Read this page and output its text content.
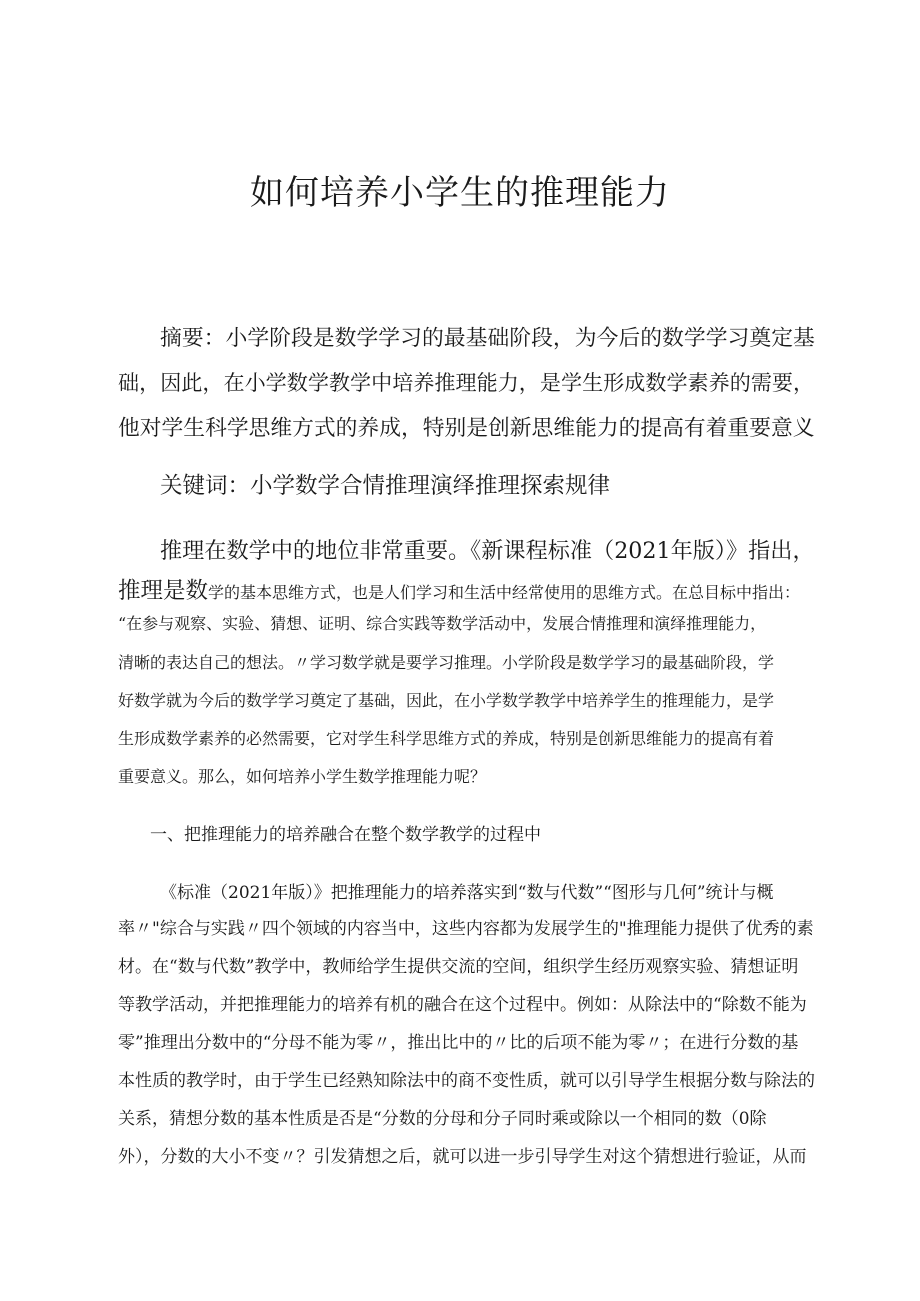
如何培养小学生的推理能力

摘要：小学阶段是数学学习的最基础阶段，为今后的数学学习奠定基

础，因此，在小学数学教学中培养推理能力，是学生形成数学素养的需要，

他对学生科学思维方式的养成，特别是创新思维能力的提高有着重要意义

关键词：小学数学合情推理演绎推理探索规律

推理在数学中的地位非常重要。《新课程标准（2021年版）》指出，

推理是数学的基本思维方式，也是人们学习和生活中经常使用的思维方式。在总目标中指出：

“在参与观察、实验、猜想、证明、综合实践等数学活动中，发展合情推理和演绎推理能力，

清晰的表达自己的想法。〃学习数学就是要学习推理。小学阶段是数学学习的最基础阶段，学

好数学就为今后的数学学习奠定了基础，因此，在小学数学教学中培养学生的推理能力，是学

生形成数学素养的必然需要，它对学生科学思维方式的养成，特别是创新思维能力的提高有着

重要意义。那么，如何培养小学生数学推理能力呢？

一、把推理能力的培养融合在整个数学教学的过程中

《标准（2021年版）》把推理能力的培养落实到“数与代数”“图形与几何”统计与概

率〃"综合与实践〃四个领域的内容当中，这些内容都为发展学生的"推理能力提供了优秀的素

材。在“数与代数”教学中，教师给学生提供交流的空间，组织学生经历观察实验、猜想证明

等教学活动，并把推理能力的培养有机的融合在这个过程中。例如：从除法中的“除数不能为

零”推理出分数中的“分母不能为零〃，推出比中的〃比的后项不能为零〃；在进行分数的基

本性质的教学时，由于学生已经熟知除法中的商不变性质，就可以引导学生根据分数与除法的

关系，猜想分数的基本性质是否是“分数的分母和分子同时乘或除以一个相同的数（0除

外），分数的大小不变〃？引发猜想之后，就可以进一步引导学生对这个猜想进行验证，从而
